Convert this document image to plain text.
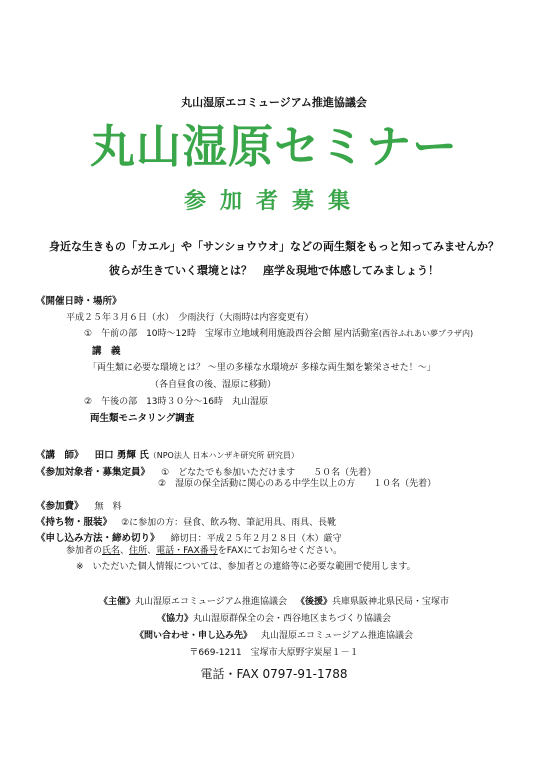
丸山湿原エコミュージアム推進協議会
丸山湿原セミナー
参加者募集
身近な生きもの「カエル」や「サンショウウオ」などの両生類をもっと知ってみませんか？
彼らが生きていく環境とは？　座学＆現地で体感してみましょう！
《開催日時・場所》
平成２５年３月６日（水）　少雨決行（大雨時は内容変更有）
①　午前の部　10時～12時　宝塚市立地域利用施設西谷会館 屋内活動室(西谷ふれあい夢プラザ内)
講　義
「両生類に必要な環境とは？ ～里の多様な水環境が 多様な両生類を繁栄させた！～」
（各自昼食の後、湿原に移動）
②　午後の部　13時３０分～16時　丸山湿原
両生類モニタリング調査
《講　師》 田口 勇輝 氏（NPO法人 日本ハンザキ研究所 研究員）
《参加対象者・募集定員》 ①　どなたでも参加いただけます　　５０名（先着）
②　湿原の保全活動に関心のある中学生以上の方　　１０名（先着）
《参加費》 無　料
《持ち物・服装》 ②に参加の方：昼食、飲み物、筆記用具、雨具、長靴
《申し込み方法・締め切り》 締切日：平成２５年２月２８日（木）厳守
参加者の氏名、住所、電話・FAX番号をFAXにてお知らせください。
※　いただいた個人情報については、参加者との連絡等に必要な範囲で使用します。
《主催》丸山湿原エコミュージアム推進協議会 《後援》兵庫県阪神北県民局・宝塚市
《協力》丸山湿原群保全の会・西谷地区まちづくり協議会
《問い合わせ・申し込み先》 丸山湿原エコミュージアム推進協議会
〒669-1211　宝塚市大原野字炭屋１－１
電話・FAX 0797-91-1788
